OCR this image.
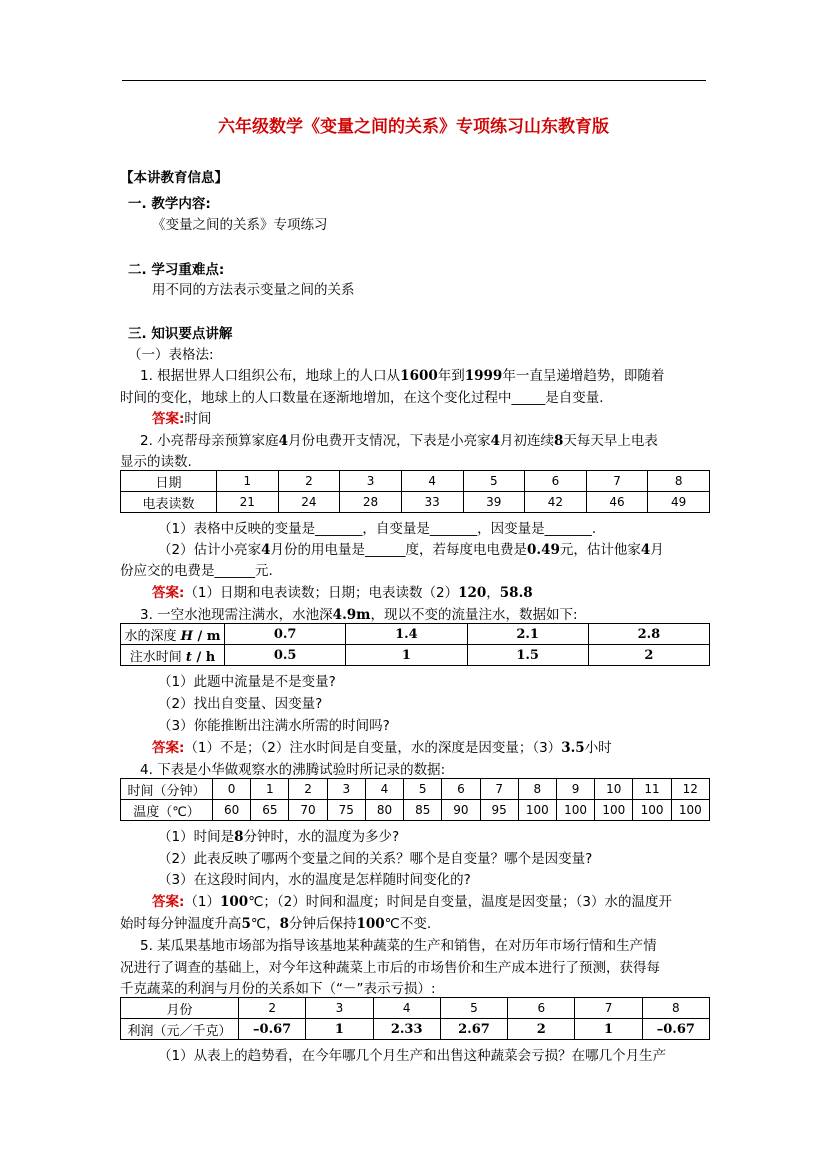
六年级数学《变量之间的关系》专项练习山东教育版
【本讲教育信息】
一. 教学内容:
《变量之间的关系》专项练习
二. 学习重难点:
用不同的方法表示变量之间的关系
三. 知识要点讲解
（一）表格法:
1. 根据世界人口组织公布，地球上的人口从1600年到1999年一直呈递增趋势，即随着
时间的变化，地球上的人口数量在逐渐地增加，在这个变化过程中_____是自变量.
答案:时间
2. 小亮帮母亲预算家庭4月份电费开支情况，下表是小亮家4月初连续8天每天早上电表
显示的读数.
日期	1	2	3	4	5	6	7	8
电表读数	21	24	28	33	39	42	46	49
（1）表格中反映的变量是_______，自变量是_______，因变量是_______.
（2）估计小亮家4月份的用电量是______度，若每度电电费是0.49元，估计他家4月
份应交的电费是______元.
答案:（1）日期和电表读数；日期；电表读数（2）120，58.8
3. 一空水池现需注满水，水池深4.9m，现以不变的流量注水，数据如下:
水的深度 H / m	0.7	1.4	2.1	2.8
注水时间 t / h	0.5	1	1.5	2
（1）此题中流量是不是变量?
（2）找出自变量、因变量?
（3）你能推断出注满水所需的时间吗?
答案:（1）不是；（2）注水时间是自变量，水的深度是因变量；（3）3.5小时
4. 下表是小华做观察水的沸腾试验时所记录的数据:
时间（分钟）	0	1	2	3	4	5	6	7	8	9	10	11	12
温度（℃）	60	65	70	75	80	85	90	95	100	100	100	100	100
（1）时间是8分钟时，水的温度为多少?
（2）此表反映了哪两个变量之间的关系？哪个是自变量？哪个是因变量?
（3）在这段时间内，水的温度是怎样随时间变化的?
答案:（1）100℃；（2）时间和温度；时间是自变量，温度是因变量；（3）水的温度开
始时每分钟温度升高5℃，8分钟后保持100℃不变.
5. 某瓜果基地市场部为指导该基地某种蔬菜的生产和销售，在对历年市场行情和生产情
况进行了调查的基础上，对今年这种蔬菜上市后的市场售价和生产成本进行了预测，获得每
千克蔬菜的利润与月份的关系如下（“－”表示亏损）:
月份	2	3	4	5	6	7	8
利润（元／千克）	–0.67	1	2.33	2.67	2	1	–0.67
（1）从表上的趋势看，在今年哪几个月生产和出售这种蔬菜会亏损？在哪几个月生产
